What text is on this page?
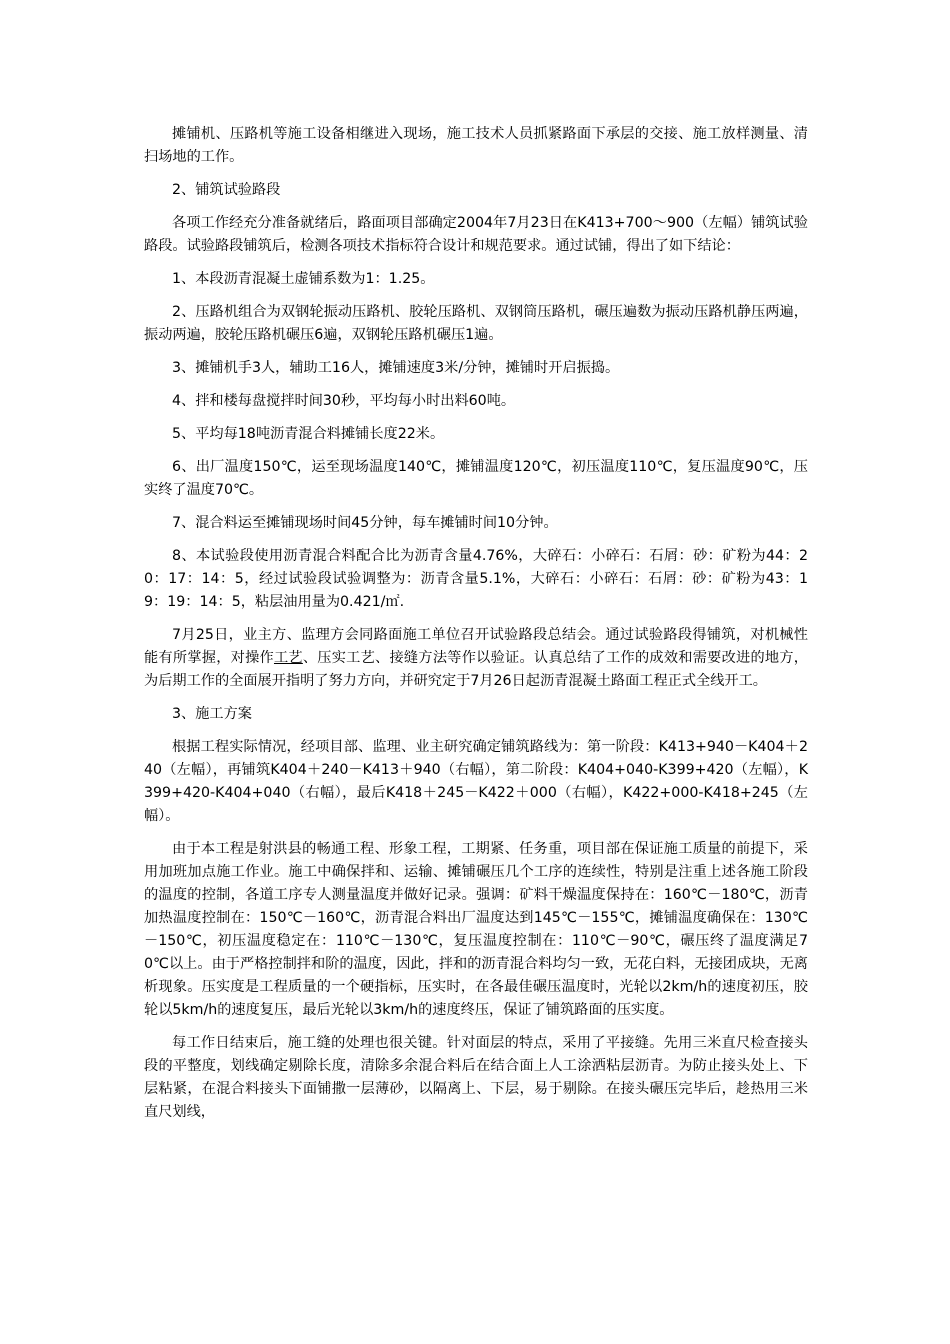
摊铺机、压路机等施工设备相继进入现场，施工技术人员抓紧路面下承层的交接、施工放样测量、清扫场地的工作。

2、铺筑试验路段

各项工作经充分准备就绪后，路面项目部确定2004年7月23日在K413+700～900（左幅）铺筑试验路段。试验路段铺筑后，检测各项技术指标符合设计和规范要求。通过试铺，得出了如下结论：

1、本段沥青混凝土虚铺系数为1：1.25。

2、压路机组合为双钢轮振动压路机、胶轮压路机、双钢筒压路机，碾压遍数为振动压路机静压两遍，振动两遍，胶轮压路机碾压6遍，双钢轮压路机碾压1遍。

3、摊铺机手3人，辅助工16人，摊铺速度3米/分钟，摊铺时开启振捣。

4、拌和楼每盘搅拌时间30秒，平均每小时出料60吨。

5、平均每18吨沥青混合料摊铺长度22米。

6、出厂温度150℃，运至现场温度140℃，摊铺温度120℃，初压温度110℃，复压温度90℃，压实终了温度70℃。

7、混合料运至摊铺现场时间45分钟，每车摊铺时间10分钟。

8、本试验段使用沥青混合料配合比为沥青含量4.76%，大碎石：小碎石：石屑：砂：矿粉为44：20：17：14：5，经过试验段试验调整为：沥青含量5.1%，大碎石：小碎石：石屑：砂：矿粉为43：19：19：14：5，粘层油用量为0.421/㎡.

7月25日，业主方、监理方会同路面施工单位召开试验路段总结会。通过试验路段得铺筑，对机械性能有所掌握，对操作工艺、压实工艺、接缝方法等作以验证。认真总结了工作的成效和需要改进的地方，为后期工作的全面展开指明了努力方向，并研究定于7月26日起沥青混凝土路面工程正式全线开工。

3、施工方案

根据工程实际情况，经项目部、监理、业主研究确定铺筑路线为：第一阶段：K413+940－K404＋240（左幅），再铺筑K404＋240－K413＋940（右幅），第二阶段：K404+040-K399+420（左幅），K399+420-K404+040（右幅），最后K418＋245－K422＋000（右幅），K422+000-K418+245（左幅）。

由于本工程是射洪县的畅通工程、形象工程，工期紧、任务重，项目部在保证施工质量的前提下，采用加班加点施工作业。施工中确保拌和、运输、摊铺碾压几个工序的连续性，特别是注重上述各施工阶段的温度的控制，各道工序专人测量温度并做好记录。强调：矿料干燥温度保持在：160℃－180℃，沥青加热温度控制在：150℃－160℃，沥青混合料出厂温度达到145℃－155℃，摊铺温度确保在：130℃－150℃，初压温度稳定在：110℃－130℃，复压温度控制在：110℃－90℃，碾压终了温度满足70℃以上。由于严格控制拌和阶的温度，因此，拌和的沥青混合料均匀一致，无花白料，无接团成块，无离析现象。压实度是工程质量的一个硬指标，压实时，在各最佳碾压温度时，光轮以2km/h的速度初压，胶轮以5km/h的速度复压，最后光轮以3km/h的速度终压，保证了铺筑路面的压实度。

每工作日结束后，施工缝的处理也很关键。针对面层的特点，采用了平接缝。先用三米直尺检查接头段的平整度，划线确定剔除长度，清除多余混合料后在结合面上人工涂洒粘层沥青。为防止接头处上、下层粘紧，在混合料接头下面铺撒一层薄砂，以隔离上、下层，易于剔除。在接头碾压完毕后，趁热用三米直尺划线，
